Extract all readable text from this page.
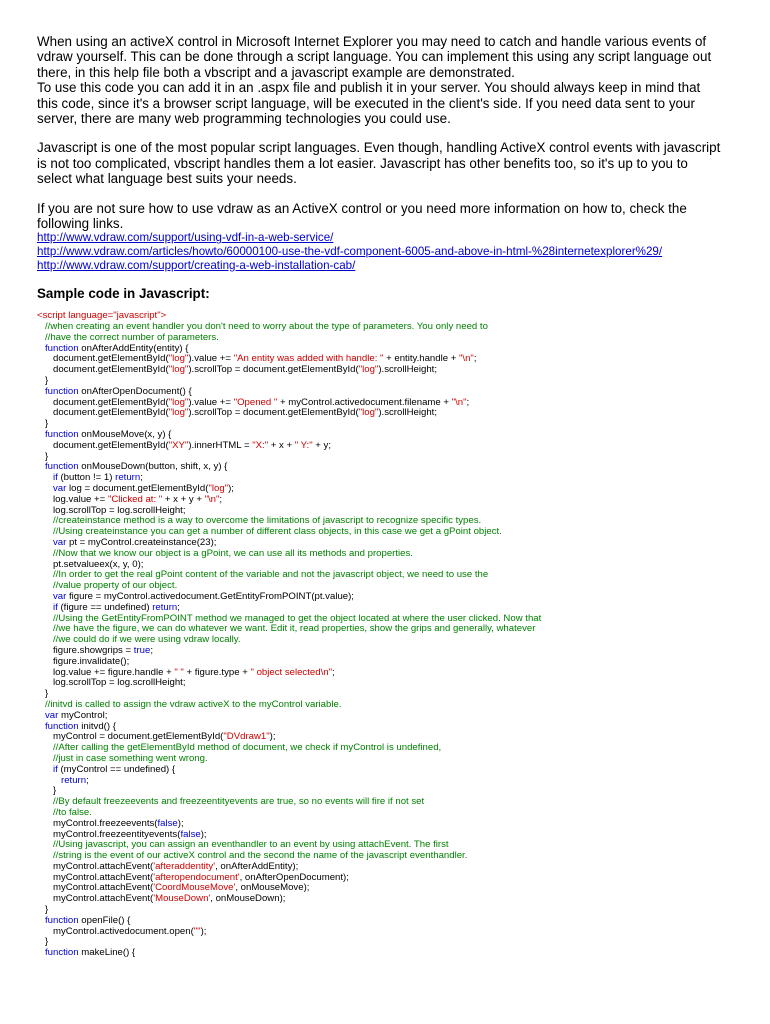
When using an activeX control in Microsoft Internet Explorer you may need to catch and handle various events of
vdraw yourself. This can be done through a script language. You can implement this using any script language out
there, in this help file both a vbscript and a javascript example are demonstrated.
To use this code you can add it in an .aspx file and publish it in your server. You should always keep in mind that
this code, since it's a browser script language, will be executed in the client's side. If you need data sent to your
server, there are many web programming technologies you could use.

Javascript is one of the most popular script languages. Even though, handling ActiveX control events with javascript
is not too complicated, vbscript handles them a lot easier. Javascript has other benefits too, so it's up to you to
select what language best suits your needs.

If you are not sure how to use vdraw as an ActiveX control or you need more information on how to, check the
following links.

http://www.vdraw.com/support/using-vdf-in-a-web-service/
http://www.vdraw.com/articles/howto/60000100-use-the-vdf-component-6005-and-above-in-html-%28internetexplorer%29/
http://www.vdraw.com/support/creating-a-web-installation-cab/
Sample code in Javascript:
<script language="javascript">
//when creating an event handler you don't need to worry about the type of parameters. You only need to
//have the correct number of parameters.
function onAfterAddEntity(entity) {
document.getElementById("log").value += "An entity was added with handle: " + entity.handle + "\n";
document.getElementById("log").scrollTop = document.getElementById("log").scrollHeight;
}
function onAfterOpenDocument() {
document.getElementById("log").value += "Opened " + myControl.activedocument.filename + "\n";
document.getElementById("log").scrollTop = document.getElementById("log").scrollHeight;
}
function onMouseMove(x, y) {
document.getElementById("XY").innerHTML = "X:" + x + " Y:" + y;
}
function onMouseDown(button, shift, x, y) {
if (button != 1) return;
var log = document.getElementById("log");
log.value += "Clicked at: " + x + y + "\n";
log.scrollTop = log.scrollHeight;
//createinstance method is a way to overcome the limitations of javascript to recognize specific types.
//Using createinstance you can get a number of different class objects, in this case we get a gPoint object.
var pt = myControl.createinstance(23);
//Now that we know our object is a gPoint, we can use all its methods and properties.
pt.setvalueex(x, y, 0);
//In order to get the real gPoint content of the variable and not the javascript object, we need to use the
//value property of our object.
var figure = myControl.activedocument.GetEntityFromPOINT(pt.value);
if (figure == undefined) return;
//Using the GetEntityFromPOINT method we managed to get the object located at where the user clicked. Now that
//we have the figure, we can do whatever we want. Edit it, read properties, show the grips and generally, whatever
//we could do if we were using vdraw locally.
figure.showgrips = true;
figure.invalidate();
log.value += figure.handle + " " + figure.type + " object selected\n";
log.scrollTop = log.scrollHeight;
}
//initvd is called to assign the vdraw activeX to the myControl variable.
var myControl;
function initvd() {
myControl = document.getElementById("DVdraw1");
//After calling the getElementById method of document, we check if myControl is undefined,
//just in case something went wrong.
if (myControl == undefined) {
return;
}
//By default freezeevents and freezeentityevents are true, so no events will fire if not set
//to false.
myControl.freezeevents(false);
myControl.freezeentityevents(false);
//Using javascript, you can assign an eventhandler to an event by using attachEvent. The first
//string is the event of our activeX control and the second the name of the javascript eventhandler.
myControl.attachEvent('afteraddentity', onAfterAddEntity);
myControl.attachEvent('afteropendocument', onAfterOpenDocument);
myControl.attachEvent('CoordMouseMove', onMouseMove);
myControl.attachEvent('MouseDown', onMouseDown);
}
function openFile() {
myControl.activedocument.open("");
}
function makeLine() {
